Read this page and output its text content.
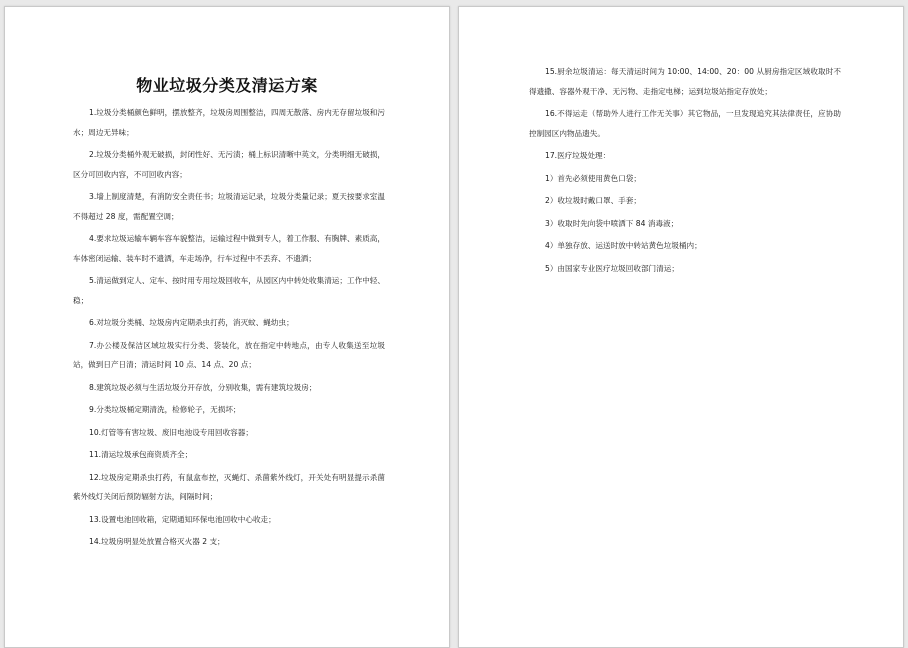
物业垃圾分类及清运方案

1.垃圾分类桶颜色鲜明，摆放整齐，垃圾房周围整洁，四周无散落、房内无存留垃圾和污水；周边无异味；

2.垃圾分类桶外观无破损，封闭性好、无污渍；桶上标识清晰中英文，分类明细无破损，区分可回收内容，不可回收内容；

3.墙上制度清楚，有消防安全责任书；垃圾清运记录，垃圾分类量记录；夏天按要求室温不得超过 28 度，需配置空调；

4.要求垃圾运输车辆车容车貌整洁，运输过程中做到专人，着工作服、有胸牌、素质高，车体密闭运输、装车时不遗洒，车走场净，行车过程中不丢弃、不遗洒；

5.清运做到定人、定车、按时用专用垃圾回收车，从园区内中转处收集清运；工作中轻、稳；

6.对垃圾分类桶、垃圾房内定期杀虫打药，消灭蚊、蝇幼虫；

7.办公楼及保洁区域垃圾实行分类、袋装化，放在指定中转地点，由专人收集送至垃圾站，做到日产日清；清运时间 10 点、14 点、20 点；

8.建筑垃圾必须与生活垃圾分开存放，分别收集，需有建筑垃圾房；

9.分类垃圾桶定期清洗，检修轮子，无损坏；

10.灯管等有害垃圾、废旧电池设专用回收容器；

11.清运垃圾承包商资质齐全；

12.垃圾房定期杀虫打药，有鼠盒布控，灭蝇灯、杀菌紫外线灯，开关处有明显提示杀菌紫外线灯关闭后预防辐射方法，间隔时间；

13.设置电池回收箱，定期通知环保电池回收中心收走；

14.垃圾房明显处放置合格灭火器 2 支；

15.厨余垃圾清运：每天清运时间为 10:00、14:00、20：00 从厨房指定区域收取时不得遗撒、容器外观干净、无污物、走指定电梯；运到垃圾站指定存放处；

16.不得运走（帮助外人进行工作无关事）其它物品，一旦发现追究其法律责任，应协助控制园区内物品遗失。

17.医疗垃圾处理：

1）首先必须使用黄色口袋；

2）收垃圾时戴口罩、手套；

3）收取时先向袋中喷洒下 84 消毒液；

4）单独存放、运送时放中转站黄色垃圾桶内；

5）由国家专业医疗垃圾回收部门清运；
